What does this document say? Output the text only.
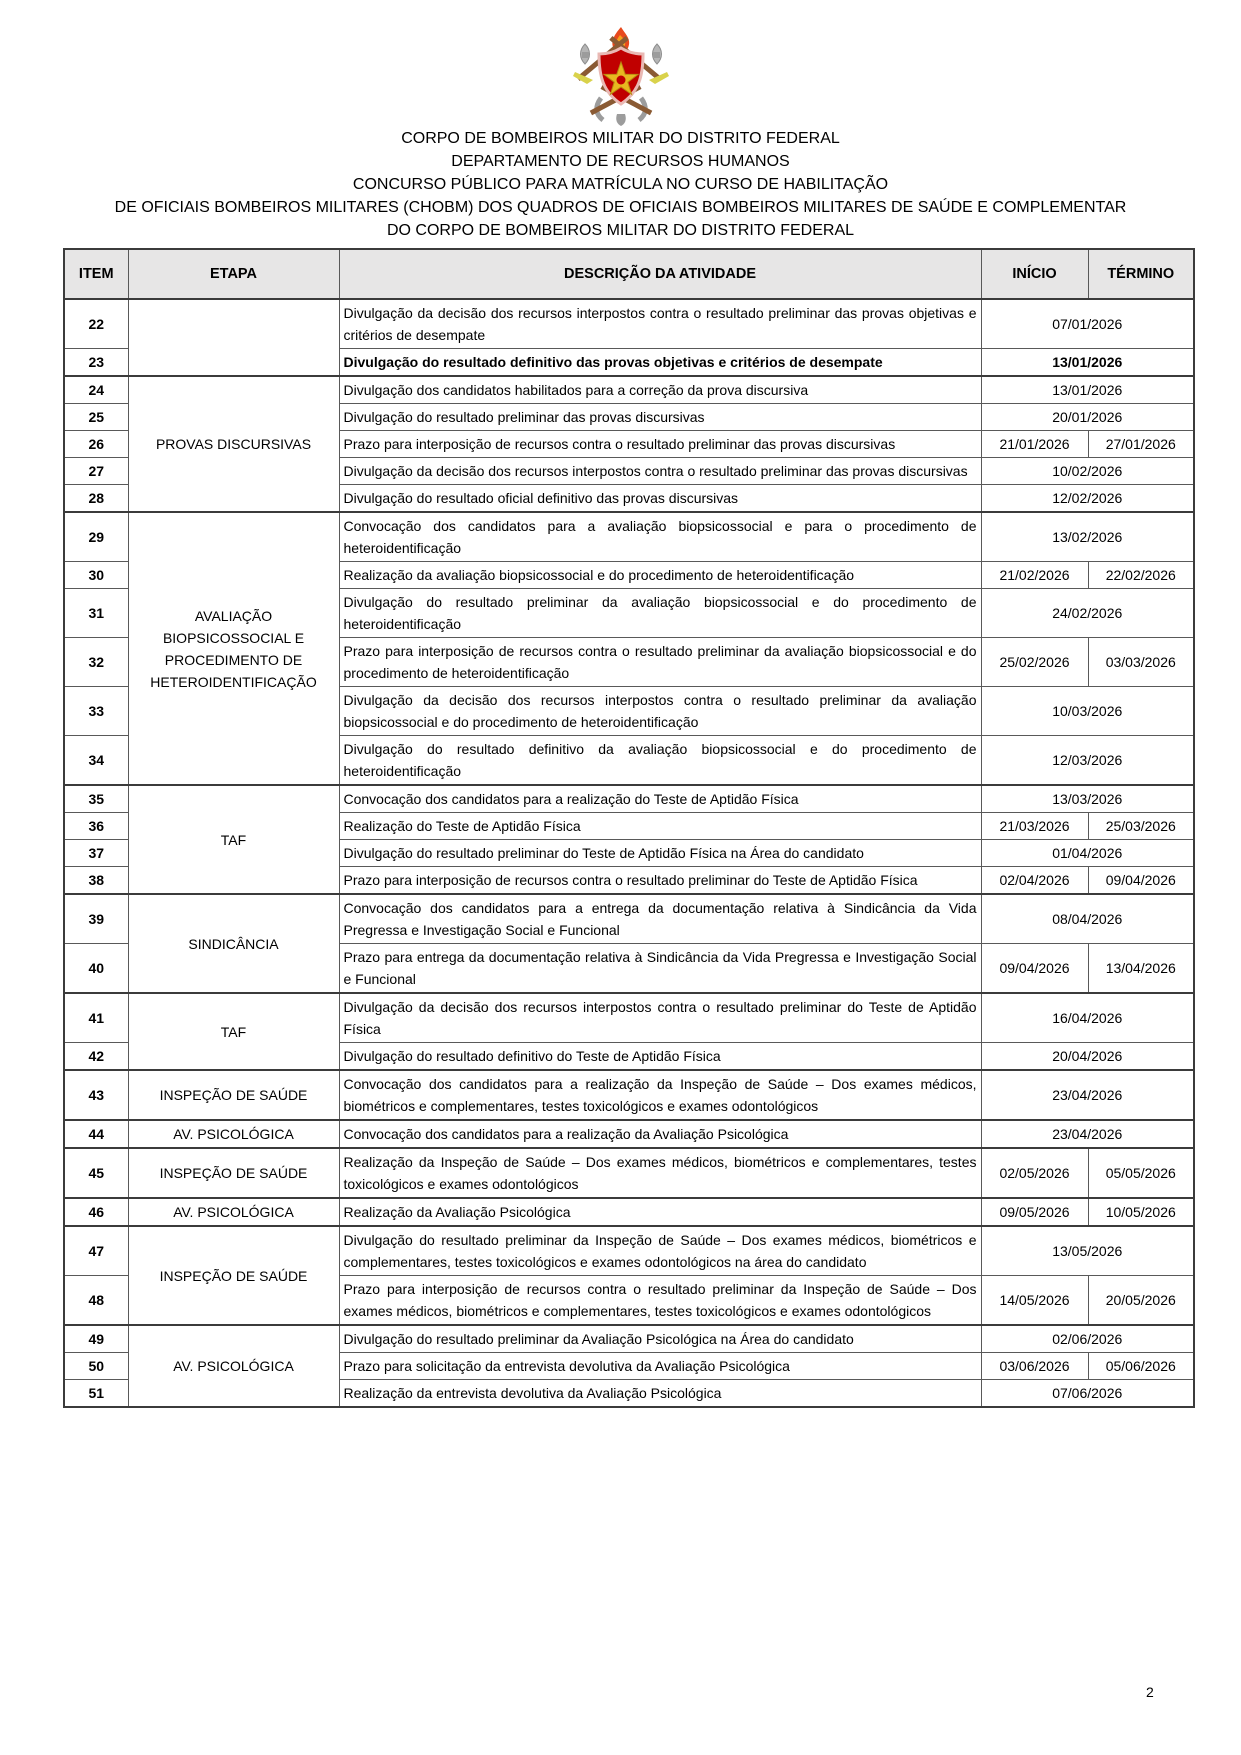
CORPO DE BOMBEIROS MILITAR DO DISTRITO FEDERAL
DEPARTAMENTO DE RECURSOS HUMANOS
CONCURSO PÚBLICO PARA MATRÍCULA NO CURSO DE HABILITAÇÃO
DE OFICIAIS BOMBEIROS MILITARES (CHOBM) DOS QUADROS DE OFICIAIS BOMBEIROS MILITARES DE SAÚDE E COMPLEMENTAR
DO CORPO DE BOMBEIROS MILITAR DO DISTRITO FEDERAL
ITEM	ETAPA	DESCRIÇÃO DA ATIVIDADE	INÍCIO	TÉRMINO
22		Divulgação da decisão dos recursos interpostos contra o resultado preliminar das provas objetivas e critérios de desempate	07/01/2026	
23		Divulgação do resultado definitivo das provas objetivas e critérios de desempate	13/01/2026	
24	PROVAS DISCURSIVAS	Divulgação dos candidatos habilitados para a correção da prova discursiva	13/01/2026	
25		Divulgação do resultado preliminar das provas discursivas	20/01/2026	
26		Prazo para interposição de recursos contra o resultado preliminar das provas discursivas	21/01/2026	27/01/2026
27		Divulgação da decisão dos recursos interpostos contra o resultado preliminar das provas discursivas	10/02/2026	
28		Divulgação do resultado oficial definitivo das provas discursivas	12/02/2026	
29	AVALIAÇÃO BIOPSICOSSOCIAL E PROCEDIMENTO DE HETEROIDENTIFICAÇÃO	Convocação dos candidatos para a avaliação biopsicossocial e para o procedimento de heteroidentificação	13/02/2026	
30		Realização da avaliação biopsicossocial e do procedimento de heteroidentificação	21/02/2026	22/02/2026
31		Divulgação do resultado preliminar da avaliação biopsicossocial e do procedimento de heteroidentificação	24/02/2026	
32		Prazo para interposição de recursos contra o resultado preliminar da avaliação biopsicossocial e do procedimento de heteroidentificação	25/02/2026	03/03/2026
33		Divulgação da decisão dos recursos interpostos contra o resultado preliminar da avaliação biopsicossocial e do procedimento de heteroidentificação	10/03/2026	
34		Divulgação do resultado definitivo da avaliação biopsicossocial e do procedimento de heteroidentificação	12/03/2026	
35	TAF	Convocação dos candidatos para a realização do Teste de Aptidão Física	13/03/2026	
36		Realização do Teste de Aptidão Física	21/03/2026	25/03/2026
37		Divulgação do resultado preliminar do Teste de Aptidão Física na Área do candidato	01/04/2026	
38		Prazo para interposição de recursos contra o resultado preliminar do Teste de Aptidão Física	02/04/2026	09/04/2026
39	SINDICÂNCIA	Convocação dos candidatos para a entrega da documentação relativa à Sindicância da Vida Pregressa e Investigação Social e Funcional	08/04/2026	
40		Prazo para entrega da documentação relativa à Sindicância da Vida Pregressa e Investigação Social e Funcional	09/04/2026	13/04/2026
41	TAF	Divulgação da decisão dos recursos interpostos contra o resultado preliminar do Teste de Aptidão Física	16/04/2026	
42		Divulgação do resultado definitivo do Teste de Aptidão Física	20/04/2026	
43	INSPEÇÃO DE SAÚDE	Convocação dos candidatos para a realização da Inspeção de Saúde – Dos exames médicos, biométricos e complementares, testes toxicológicos e exames odontológicos	23/04/2026	
44	AV. PSICOLÓGICA	Convocação dos candidatos para a realização da Avaliação Psicológica	23/04/2026	
45	INSPEÇÃO DE SAÚDE	Realização da Inspeção de Saúde – Dos exames médicos, biométricos e complementares, testes toxicológicos e exames odontológicos	02/05/2026	05/05/2026
46	AV. PSICOLÓGICA	Realização da Avaliação Psicológica	09/05/2026	10/05/2026
47	INSPEÇÃO DE SAÚDE	Divulgação do resultado preliminar da Inspeção de Saúde – Dos exames médicos, biométricos e complementares, testes toxicológicos e exames odontológicos na área do candidato	13/05/2026	
48		Prazo para interposição de recursos contra o resultado preliminar da Inspeção de Saúde – Dos exames médicos, biométricos e complementares, testes toxicológicos e exames odontológicos	14/05/2026	20/05/2026
49	AV. PSICOLÓGICA	Divulgação do resultado preliminar da Avaliação Psicológica na Área do candidato	02/06/2026	
50		Prazo para solicitação da entrevista devolutiva da Avaliação Psicológica	03/06/2026	05/06/2026
51		Realização da entrevista devolutiva da Avaliação Psicológica	07/06/2026	
2
